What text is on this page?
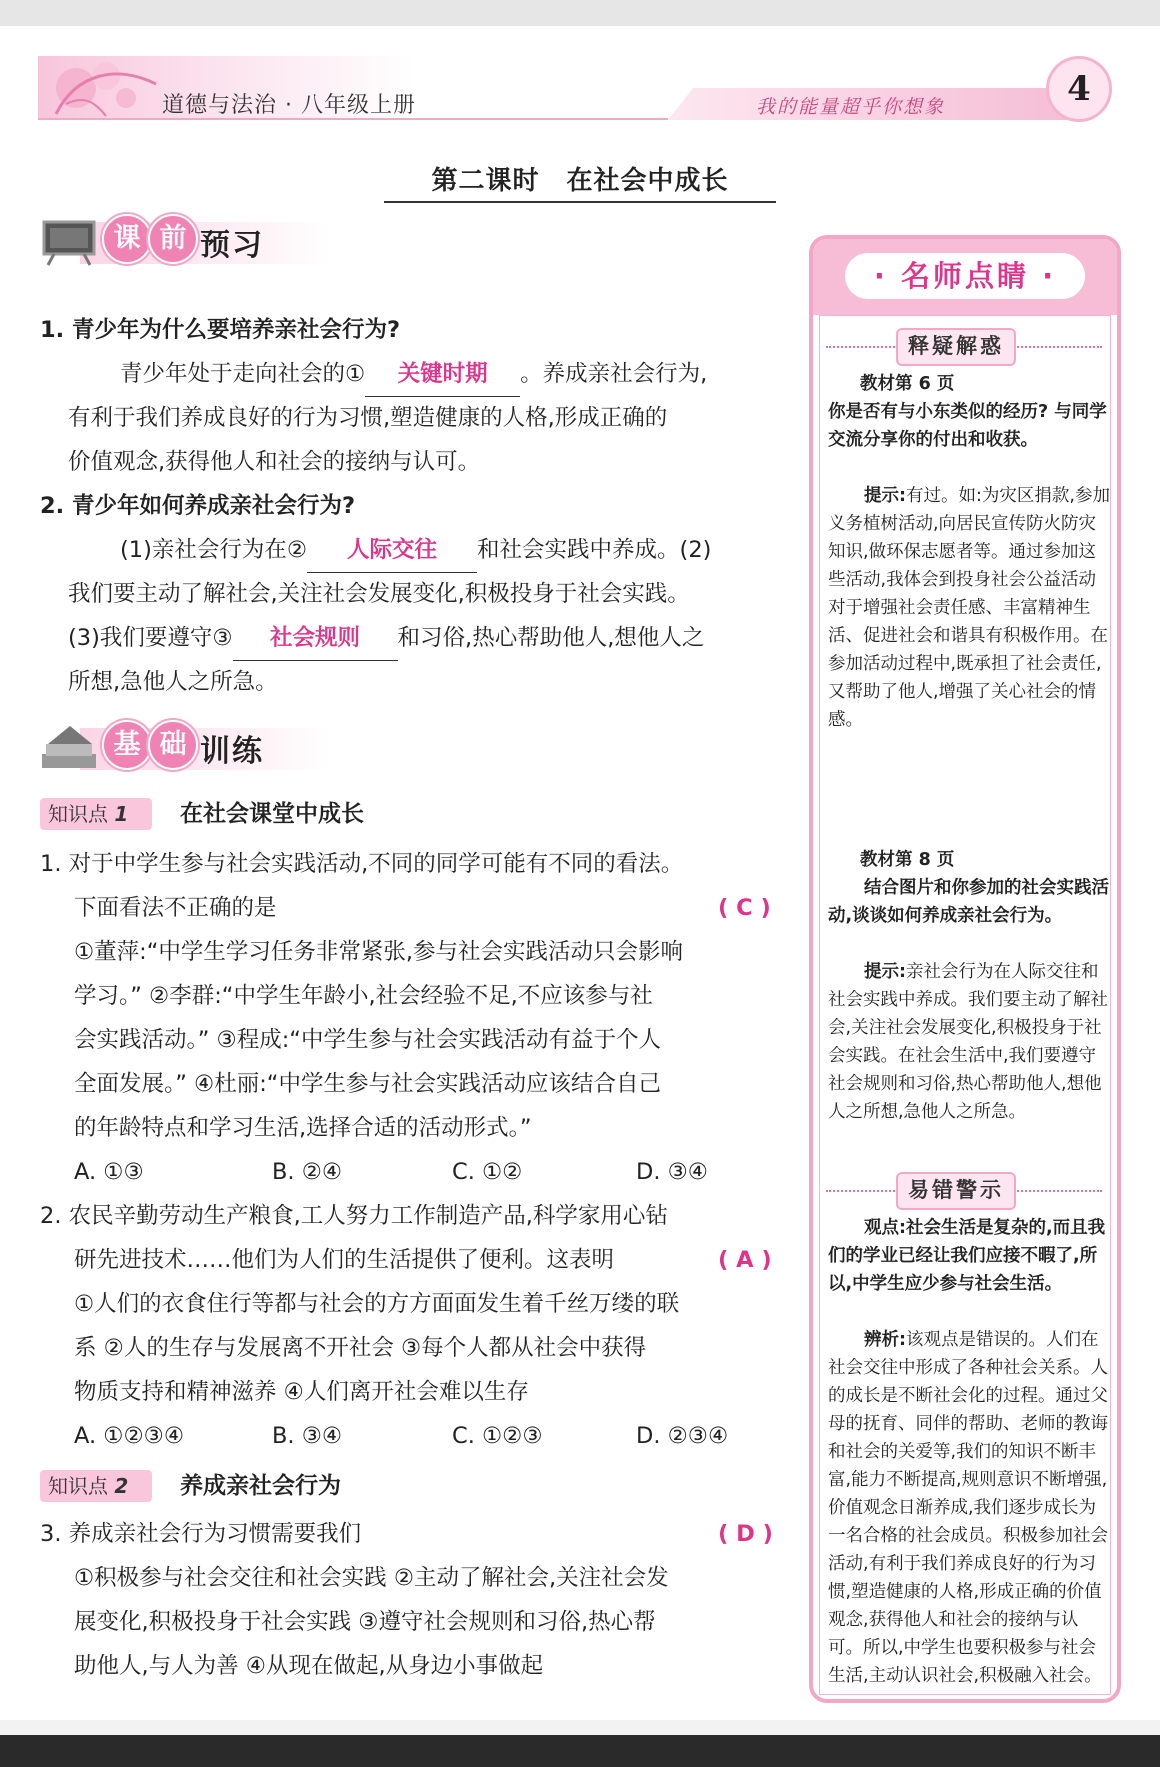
道德与法治 · 八年级上册	我的能量超乎你想象	4
第二课时　在社会中成长
课 前 预习
1. 青少年为什么要培养亲社会行为?
青少年处于走向社会的① 关键时期 。养成亲社会行为,
有利于我们养成良好的行为习惯,塑造健康的人格,形成正确的
价值观念,获得他人和社会的接纳与认可。
2. 青少年如何养成亲社会行为?
(1)亲社会行为在② 人际交往 和社会实践中养成。(2)
我们要主动了解社会,关注社会发展变化,积极投身于社会实践。
(3)我们要遵守③ 社会规则 和习俗,热心帮助他人,想他人之
所想,急他人之所急。
基 础 训练
知识点 1	在社会课堂中成长
1. 对于中学生参与社会实践活动,不同的同学可能有不同的看法。
下面看法不正确的是	( C )
①董萍:“中学生学习任务非常紧张,参与社会实践活动只会影响
学习。” ②李群:“中学生年龄小,社会经验不足,不应该参与社
会实践活动。” ③程成:“中学生参与社会实践活动有益于个人
全面发展。” ④杜丽:“中学生参与社会实践活动应该结合自己
的年龄特点和学习生活,选择合适的活动形式。”
A. ①③	B. ②④	C. ①②	D. ③④
2. 农民辛勤劳动生产粮食,工人努力工作制造产品,科学家用心钻
研先进技术……他们为人们的生活提供了便利。这表明	( A )
①人们的衣食住行等都与社会的方方面面发生着千丝万缕的联
系 ②人的生存与发展离不开社会 ③每个人都从社会中获得
物质支持和精神滋养 ④人们离开社会难以生存
A. ①②③④	B. ③④	C. ①②③	D. ②③④
知识点 2	养成亲社会行为
3. 养成亲社会行为习惯需要我们	( D )
①积极参与社会交往和社会实践 ②主动了解社会,关注社会发
展变化,积极投身于社会实践 ③遵守社会规则和习俗,热心帮
助他人,与人为善 ④从现在做起,从身边小事做起
· 名师点睛 ·
释疑解惑
教材第 6 页
你是否有与小东类似的经历? 与同学交流分享你的付出和收获。
提示:有过。如:为灾区捐款,参加义务植树活动,向居民宣传防火防灾知识,做环保志愿者等。通过参加这些活动,我体会到投身社会公益活动对于增强社会责任感、丰富精神生活、促进社会和谐具有积极作用。在参加活动过程中,既承担了社会责任,又帮助了他人,增强了关心社会的情感。
教材第 8 页
结合图片和你参加的社会实践活动,谈谈如何养成亲社会行为。
提示:亲社会行为在人际交往和社会实践中养成。我们要主动了解社会,关注社会发展变化,积极投身于社会实践。在社会生活中,我们要遵守社会规则和习俗,热心帮助他人,想他人之所想,急他人之所急。
易错警示
观点:社会生活是复杂的,而且我们的学业已经让我们应接不暇了,所以,中学生应少参与社会生活。
辨析:该观点是错误的。人们在社会交往中形成了各种社会关系。人的成长是不断社会化的过程。通过父母的抚育、同伴的帮助、老师的教诲和社会的关爱等,我们的知识不断丰富,能力不断提高,规则意识不断增强,价值观念日渐养成,我们逐步成长为一名合格的社会成员。积极参加社会活动,有利于我们养成良好的行为习惯,塑造健康的人格,形成正确的价值观念,获得他人和社会的接纳与认可。所以,中学生也要积极参与社会生活,主动认识社会,积极融入社会。
